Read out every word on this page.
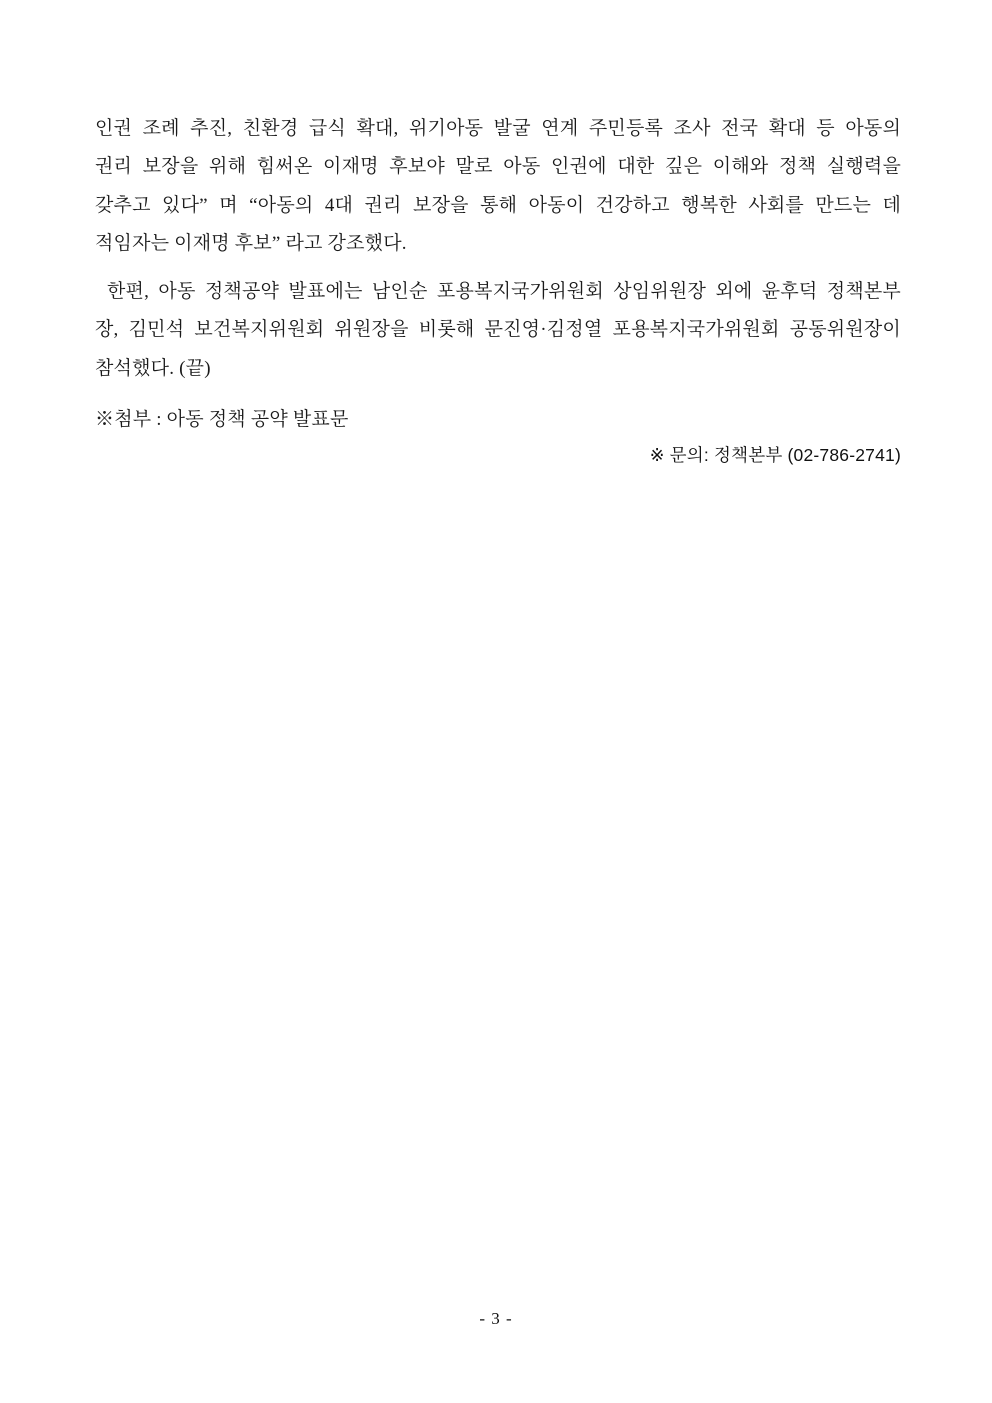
인권 조례 추진, 친환경 급식 확대, 위기아동 발굴 연계 주민등록 조사 전국 확대 등 아동의
권리 보장을 위해 힘써온 이재명 후보야 말로 아동 인권에 대한 깊은 이해와 정책 실행력을
갖추고 있다” 며 “아동의 4대 권리 보장을 통해 아동이 건강하고 행복한 사회를 만드는 데
적임자는 이재명 후보” 라고 강조했다.
한편, 아동 정책공약 발표에는 남인순 포용복지국가위원회 상임위원장 외에 윤후덕 정책본부
장, 김민석 보건복지위원회 위원장을 비롯해 문진영·김정열 포용복지국가위원회 공동위원장이
참석했다. (끝)
※첨부 : 아동 정책 공약 발표문
※ 문의: 정책본부 (02-786-2741)
- 3 -
